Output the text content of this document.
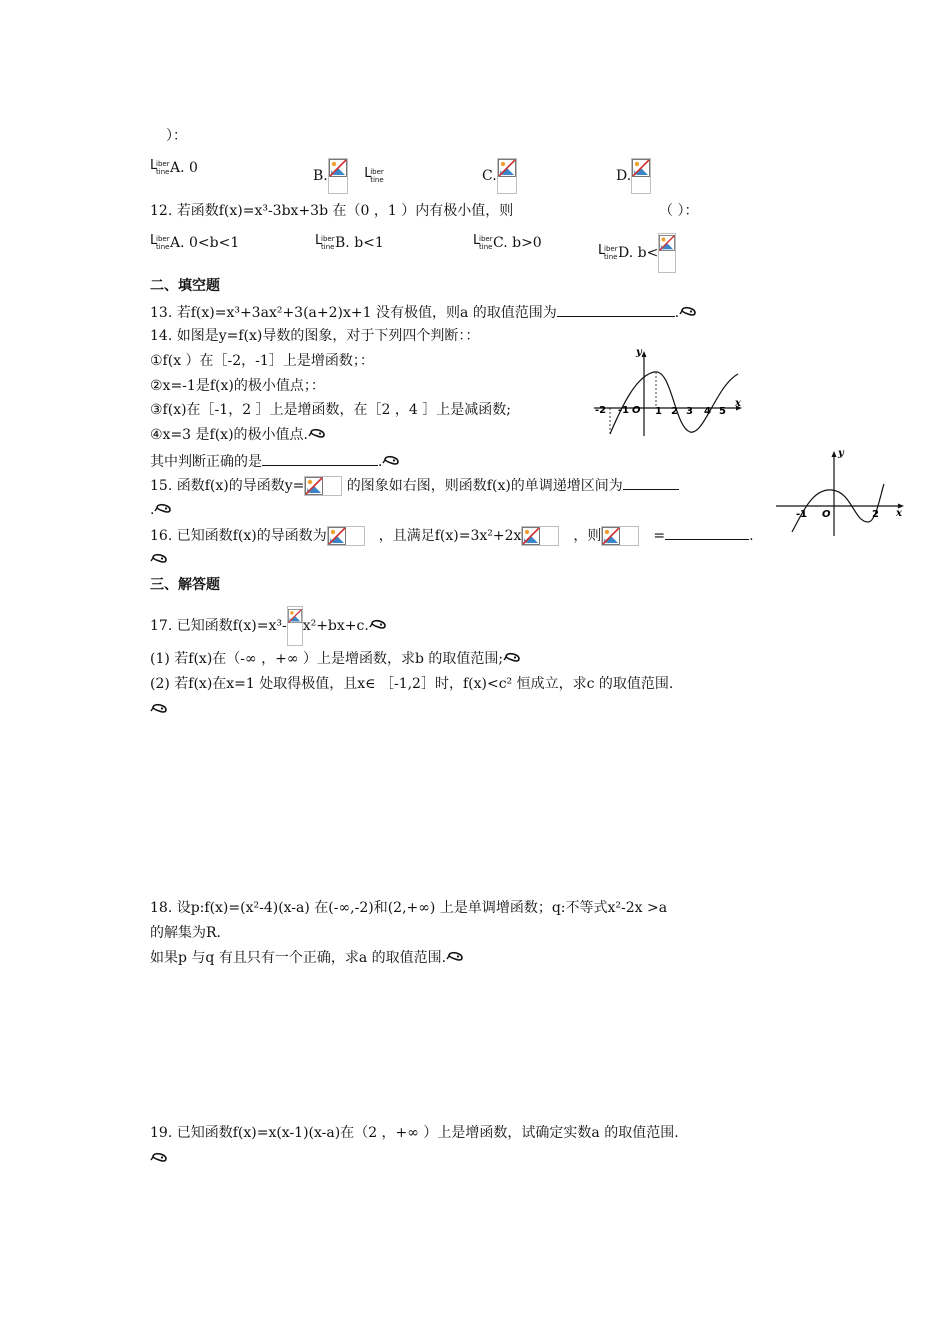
）：
L
iber
tine A. 0	B.
	L
iber
tine	C.	D.
12. 若函数f(x)=x³-3bx+3b 在（0 ，1 ）内有极小值，则	（ ）：
L
iber
tine A. 0<b<1	L
iber
tine B. b<1	L
iber
tine C. b>0	L
iber
tine D. b<
二、填空题
13. 若f(x)=x³+3ax²+3(a+2)x+1 没有极值，则a 的取值范围为	.
14. 如图是y=f(x)导数的图象，对于下列四个判断：：
①f(x ）在［-2，-1］上是增函数；：
②x=-1是f(x)的极小值点；：
③f(x)在［-1，2 ］上是增函数，在［2 ，4 ］上是减函数;
④x=3 是f(x)的极小值点.
其中判断正确的是	.
y
x
-2 -1 O 1 2 3 4 5
15. 函数f(x)的导函数y=	的图象如右图，则函数f(x)的单调递增区间为
.
y
x
-1 O	2
16. 已知函数f(x)的导函数为	，且满足f(x)=3x²+2x	，则	=	.
三、解答题
17. 已知函数f(x)=x³- x²+bx+c.
(1) 若f(x)在（-∞ ，+∞ ）上是增函数，求b 的取值范围;
(2) 若f(x)在x=1 处取得极值，且x∈ ［-1,2］时，f(x)<c² 恒成立，求c 的取值范围.
18. 设p:f(x)=(x²-4)(x-a) 在(-∞,-2)和(2,+∞) 上是单调增函数；q:不等式x²-2x >a
的解集为R.
如果p 与q 有且只有一个正确，求a 的取值范围.
19. 已知函数f(x)=x(x-1)(x-a)在（2 ，+∞ ）上是增函数，试确定实数a 的取值范围.
